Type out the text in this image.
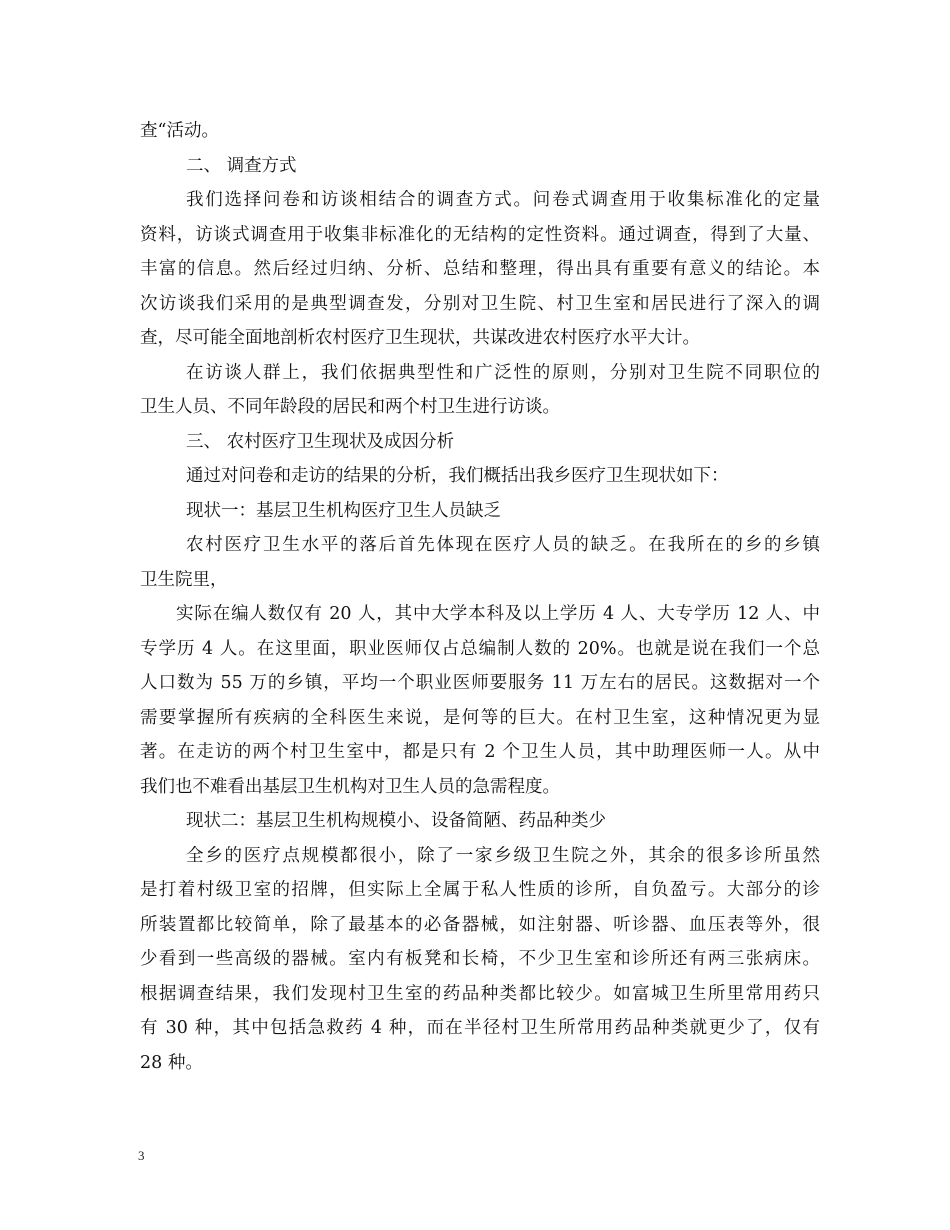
查“活动。
二、 调查方式
我们选择问卷和访谈相结合的调查方式。问卷式调查用于收集标准化的定量
资料，访谈式调查用于收集非标准化的无结构的定性资料。通过调查，得到了大量、
丰富的信息。然后经过归纳、分析、总结和整理，得出具有重要有意义的结论。本
次访谈我们采用的是典型调查发，分别对卫生院、村卫生室和居民进行了深入的调
查，尽可能全面地剖析农村医疗卫生现状，共谋改进农村医疗水平大计。
在访谈人群上，我们依据典型性和广泛性的原则，分别对卫生院不同职位的
卫生人员、不同年龄段的居民和两个村卫生进行访谈。
三、 农村医疗卫生现状及成因分析
通过对问卷和走访的结果的分析，我们概括出我乡医疗卫生现状如下：
现状一：基层卫生机构医疗卫生人员缺乏
农村医疗卫生水平的落后首先体现在医疗人员的缺乏。在我所在的乡的乡镇
卫生院里，
实际在编人数仅有 20 人，其中大学本科及以上学历 4 人、大专学历 12 人、中
专学历 4 人。在这里面，职业医师仅占总编制人数的 20%。也就是说在我们一个总
人口数为 55 万的乡镇，平均一个职业医师要服务 11 万左右的居民。这数据对一个
需要掌握所有疾病的全科医生来说，是何等的巨大。在村卫生室，这种情况更为显
著。在走访的两个村卫生室中，都是只有 2 个卫生人员，其中助理医师一人。从中
我们也不难看出基层卫生机构对卫生人员的急需程度。
现状二：基层卫生机构规模小、设备简陋、药品种类少
全乡的医疗点规模都很小，除了一家乡级卫生院之外，其余的很多诊所虽然
是打着村级卫室的招牌，但实际上全属于私人性质的诊所，自负盈亏。大部分的诊
所装置都比较简单，除了最基本的必备器械，如注射器、听诊器、血压表等外，很
少看到一些高级的器械。室内有板凳和长椅，不少卫生室和诊所还有两三张病床。
根据调查结果，我们发现村卫生室的药品种类都比较少。如富城卫生所里常用药只
有 30 种，其中包括急救药 4 种，而在半径村卫生所常用药品种类就更少了，仅有
28 种。
3
